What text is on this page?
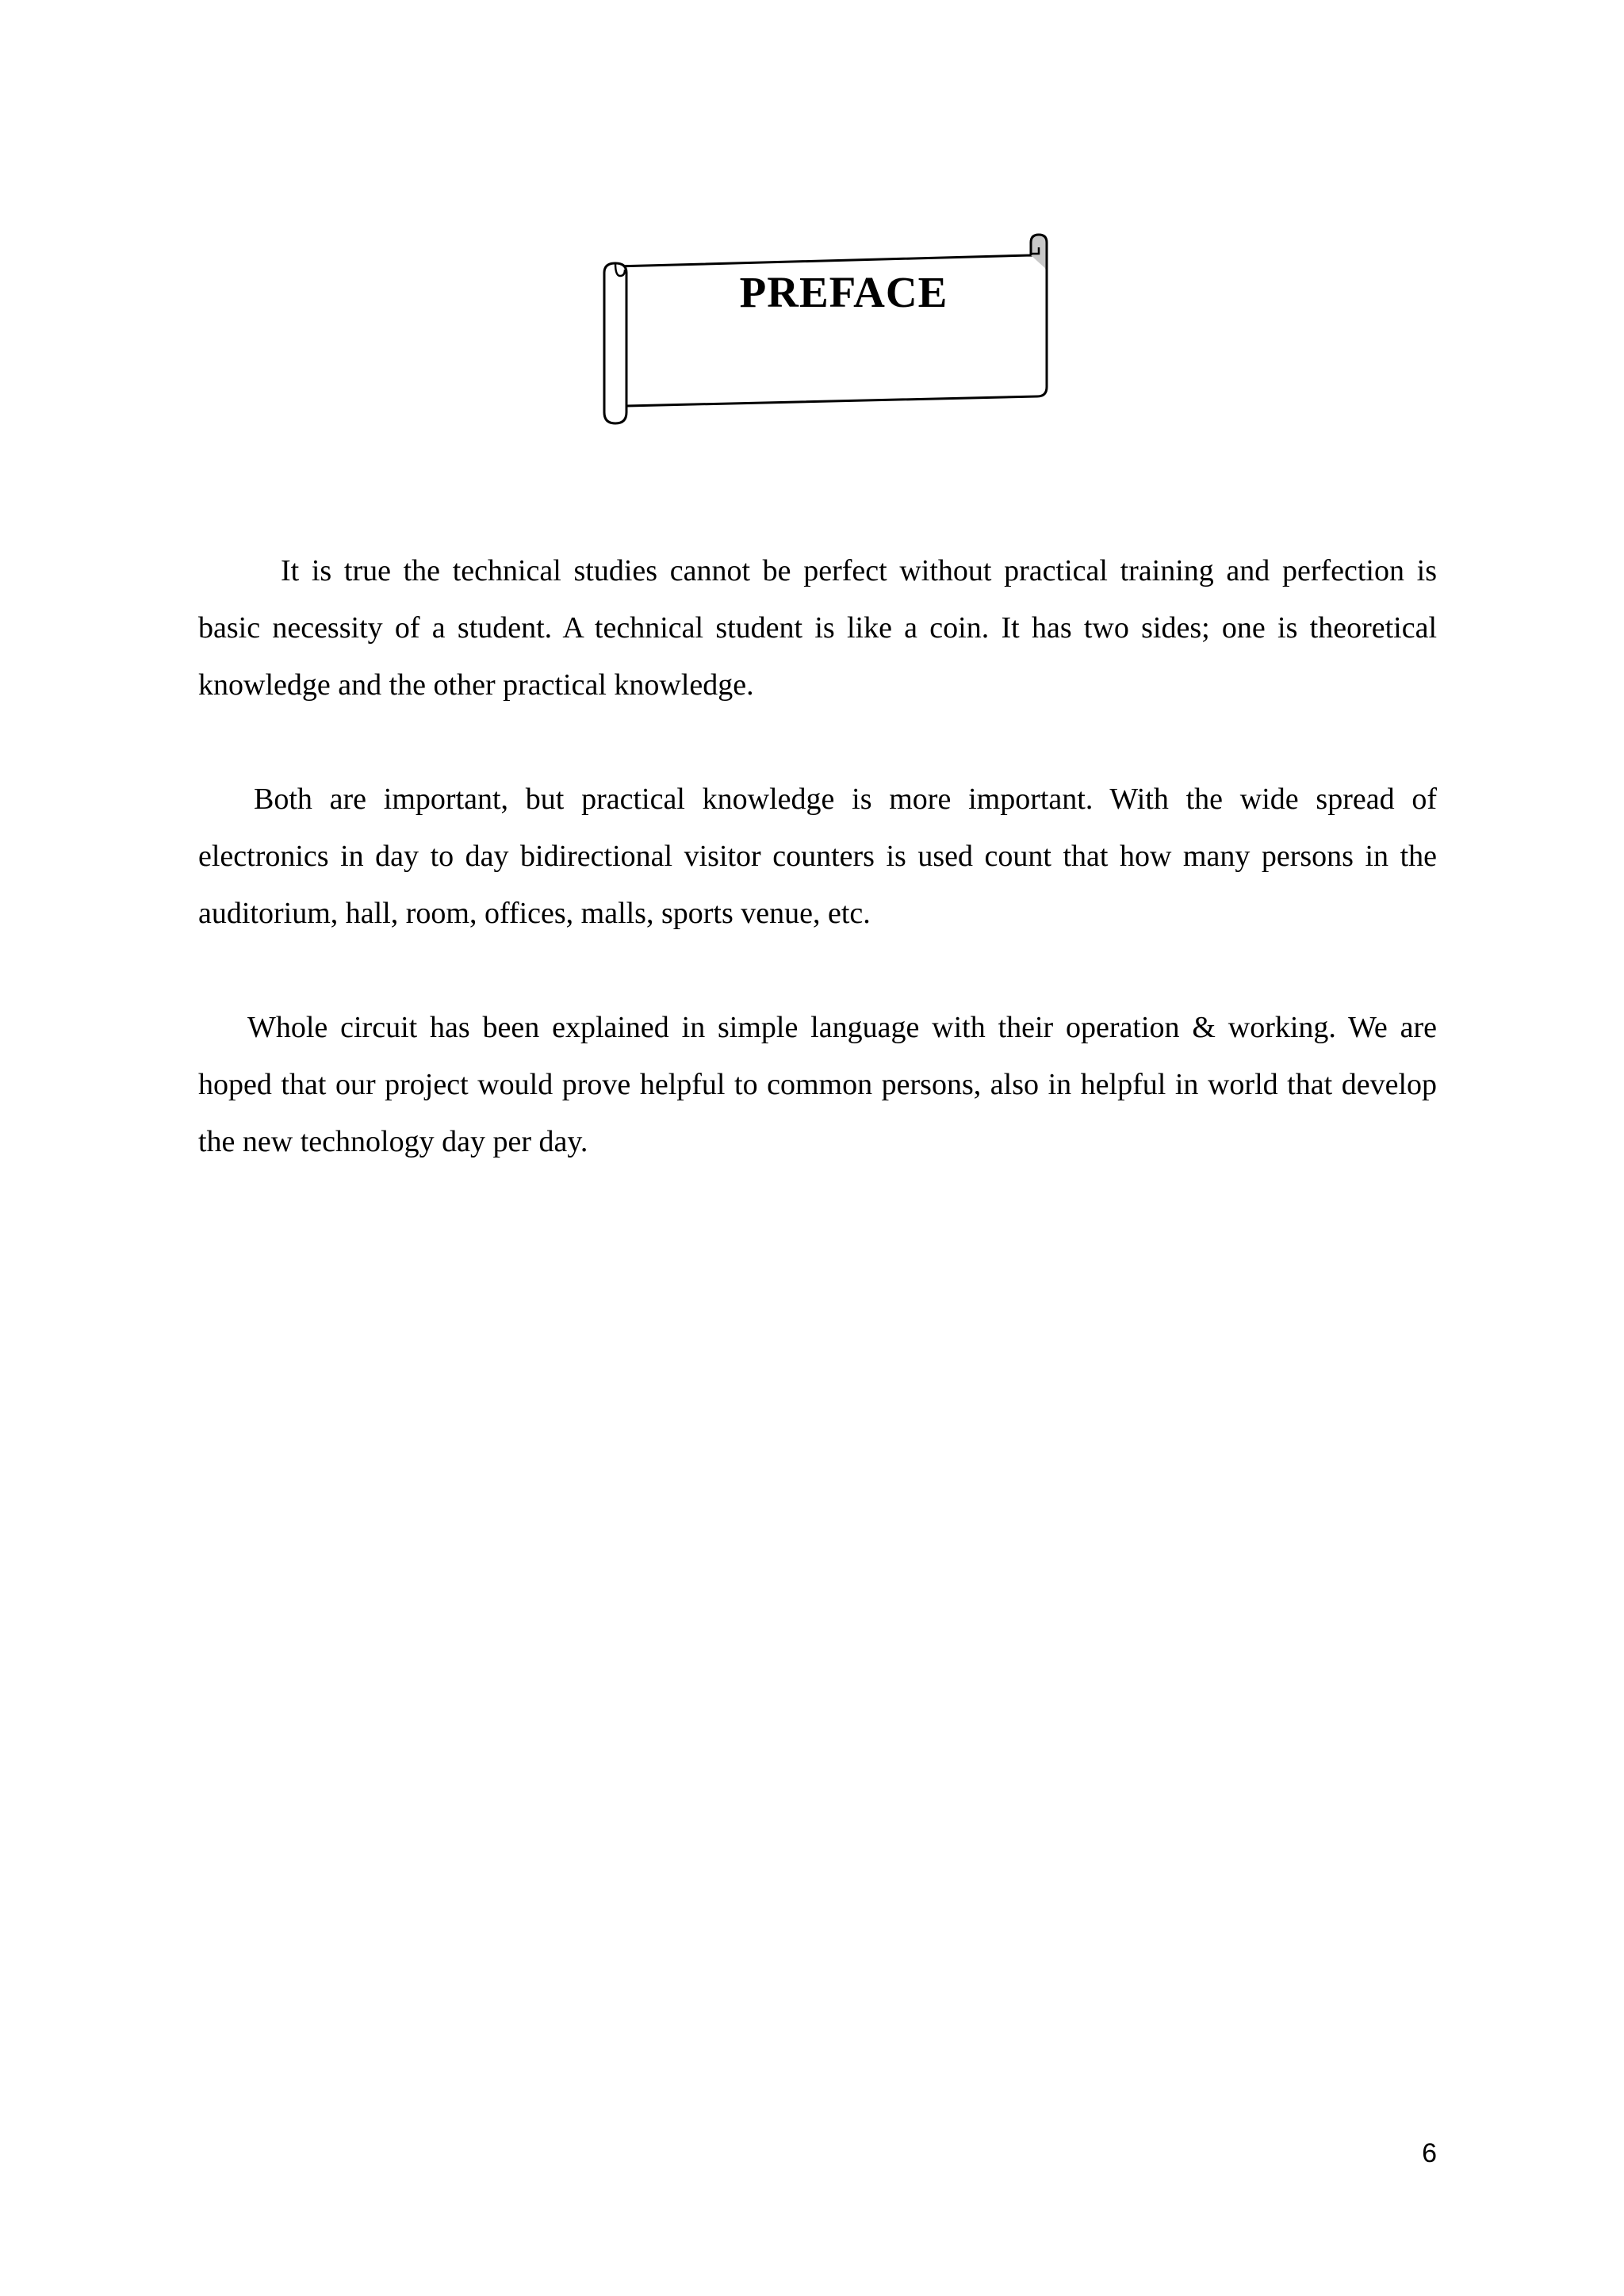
PREFACE

It is true the technical studies cannot be perfect without practical training and perfection is basic necessity of a student. A technical student is like a coin. It has two sides; one is theoretical knowledge and the other practical knowledge.

Both are important, but practical knowledge is more important. With the wide spread of electronics in day to day bidirectional visitor counters is used count that how many persons in the auditorium, hall, room, offices, malls, sports venue, etc.

Whole circuit has been explained in simple language with their operation & working. We are hoped that our project would prove helpful to common persons, also in helpful in world that develop the new technology day per day.

6
